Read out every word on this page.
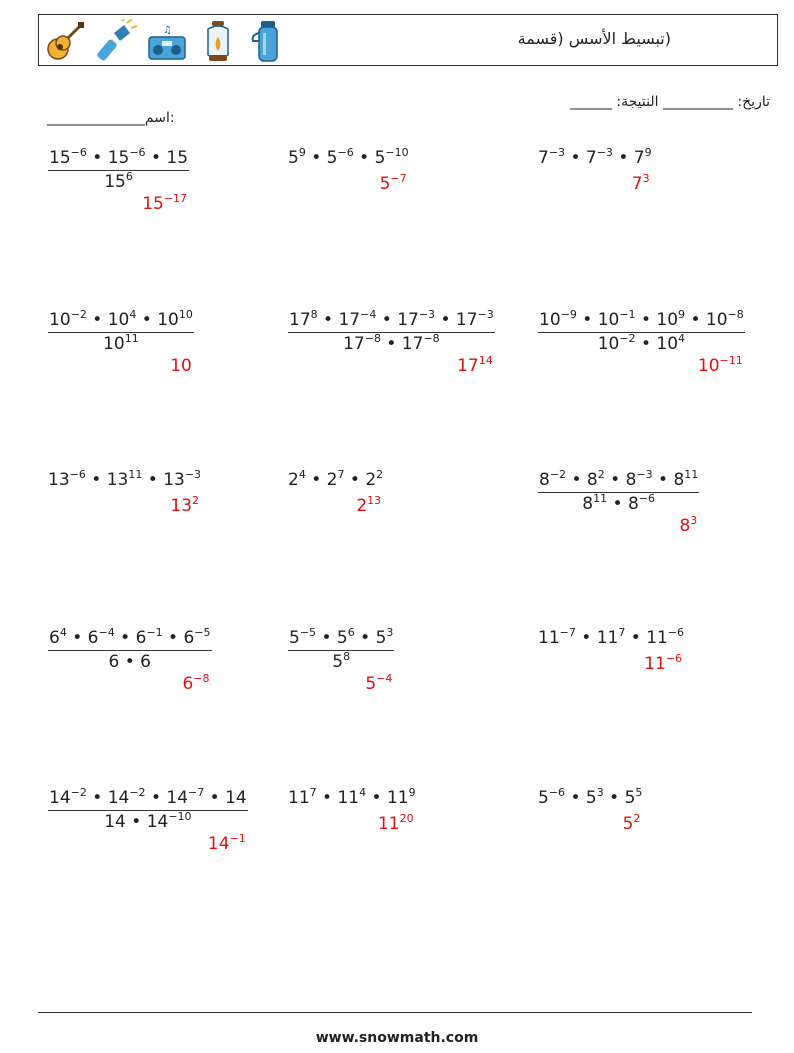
♫	(تبسيط الأسس (قسمة

______________اسم:

______ :تاريخ: __________ النتيجة
$\frac{15^{-6} • 15^{-6} • 15}{15^6}$
$15^{-17}$
$5^9$ • $5^{-6}$ • $5^{-10}$
$5^{-7}$
$7^{-3}$ • $7^{-3}$ • $7^9$
$7^3$
$\frac{10^{-2} • 10^4 • 10^{10}}{10^{11}}$
10
$\frac{17^8 • 17^{-4} • 17^{-3} • 17^{-3}}{17^{-8} • 17^{-8}}$
$17^{14}$
$\frac{10^{-9} • 10^{-1} • 10^9 • 10^{-8}}{10^{-2} • 10^4}$
$10^{-11}$
$13^{-6}$ • $13^{11}$ • $13^{-3}$
$13^2$
$2^4$ • $2^7$ • $2^2$
$2^{13}$	$\frac{8^{-2} • 8^2 • 8^{-3} • 8^{11}}{8^{11} • 8^{-6}}$
$8^3$
$\frac{6^4 • 6^{-4} • 6^{-1} • 6^{-5}}{6 • 6}$
$6^{-8}$
$\frac{5^{-5} • 5^6 • 5^3}{5^8}$
$5^{-4}$
$11^{-7}$ • $11^7$ • $11^{-6}$
$11^{-6}$
$\frac{14^{-2} • 14^{-2} • 14^{-7} • 14}{14 • 14^{-10}}$
$14^{-1}$
$11^7$ • $11^4$ • $11^9$
$11^{20}$
$5^{-6}$ • $5^3$ • $5^5$
$5^2$
www.snowmath.com
